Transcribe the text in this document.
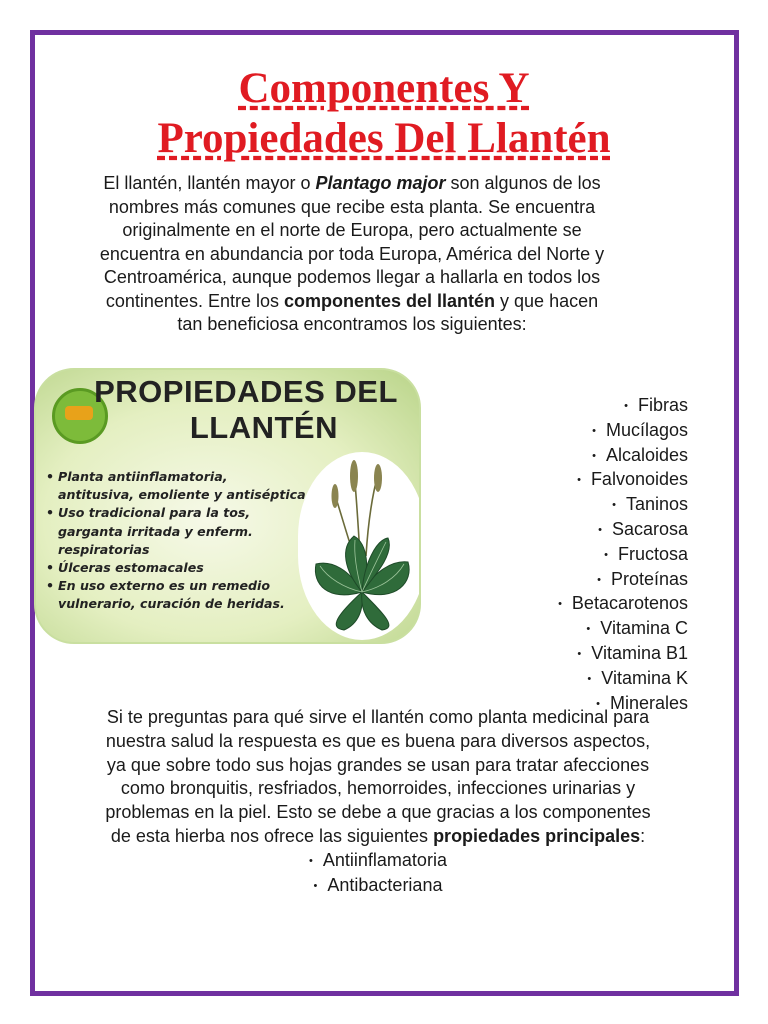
Componentes Y
Propiedades Del Llantén

El llantén, llantén mayor o Plantago major son algunos de los nombres más comunes que recibe esta planta. Se encuentra originalmente en el norte de Europa, pero actualmente se encuentra en abundancia por toda Europa, América del Norte y Centroamérica, aunque podemos llegar a hallarla en todos los continentes. Entre los componentes del llantén y que hacen tan beneficiosa encontramos los siguientes:

PROPIEDADES DEL
LLANTÉN
• Planta antiinflamatoria, antitusiva, emoliente y antiséptica
• Uso tradicional para la tos, garganta irritada y enferm. respiratorias
• Úlceras estomacales
• En uso externo es un remedio vulnerario, curación de heridas.
• Fibras
• Mucílagos
• Alcaloides
• Falvonoides
• Taninos
• Sacarosa
• Fructosa
• Proteínas
• Betacarotenos
• Vitamina C
• Vitamina B1
• Vitamina K
• Minerales

Si te preguntas para qué sirve el llantén como planta medicinal para nuestra salud la respuesta es que es buena para diversos aspectos, ya que sobre todo sus hojas grandes se usan para tratar afecciones como bronquitis, resfriados, hemorroides, infecciones urinarias y problemas en la piel. Esto se debe a que gracias a los componentes de esta hierba nos ofrece las siguientes propiedades principales:

• Antiinflamatoria
• Antibacteriana
